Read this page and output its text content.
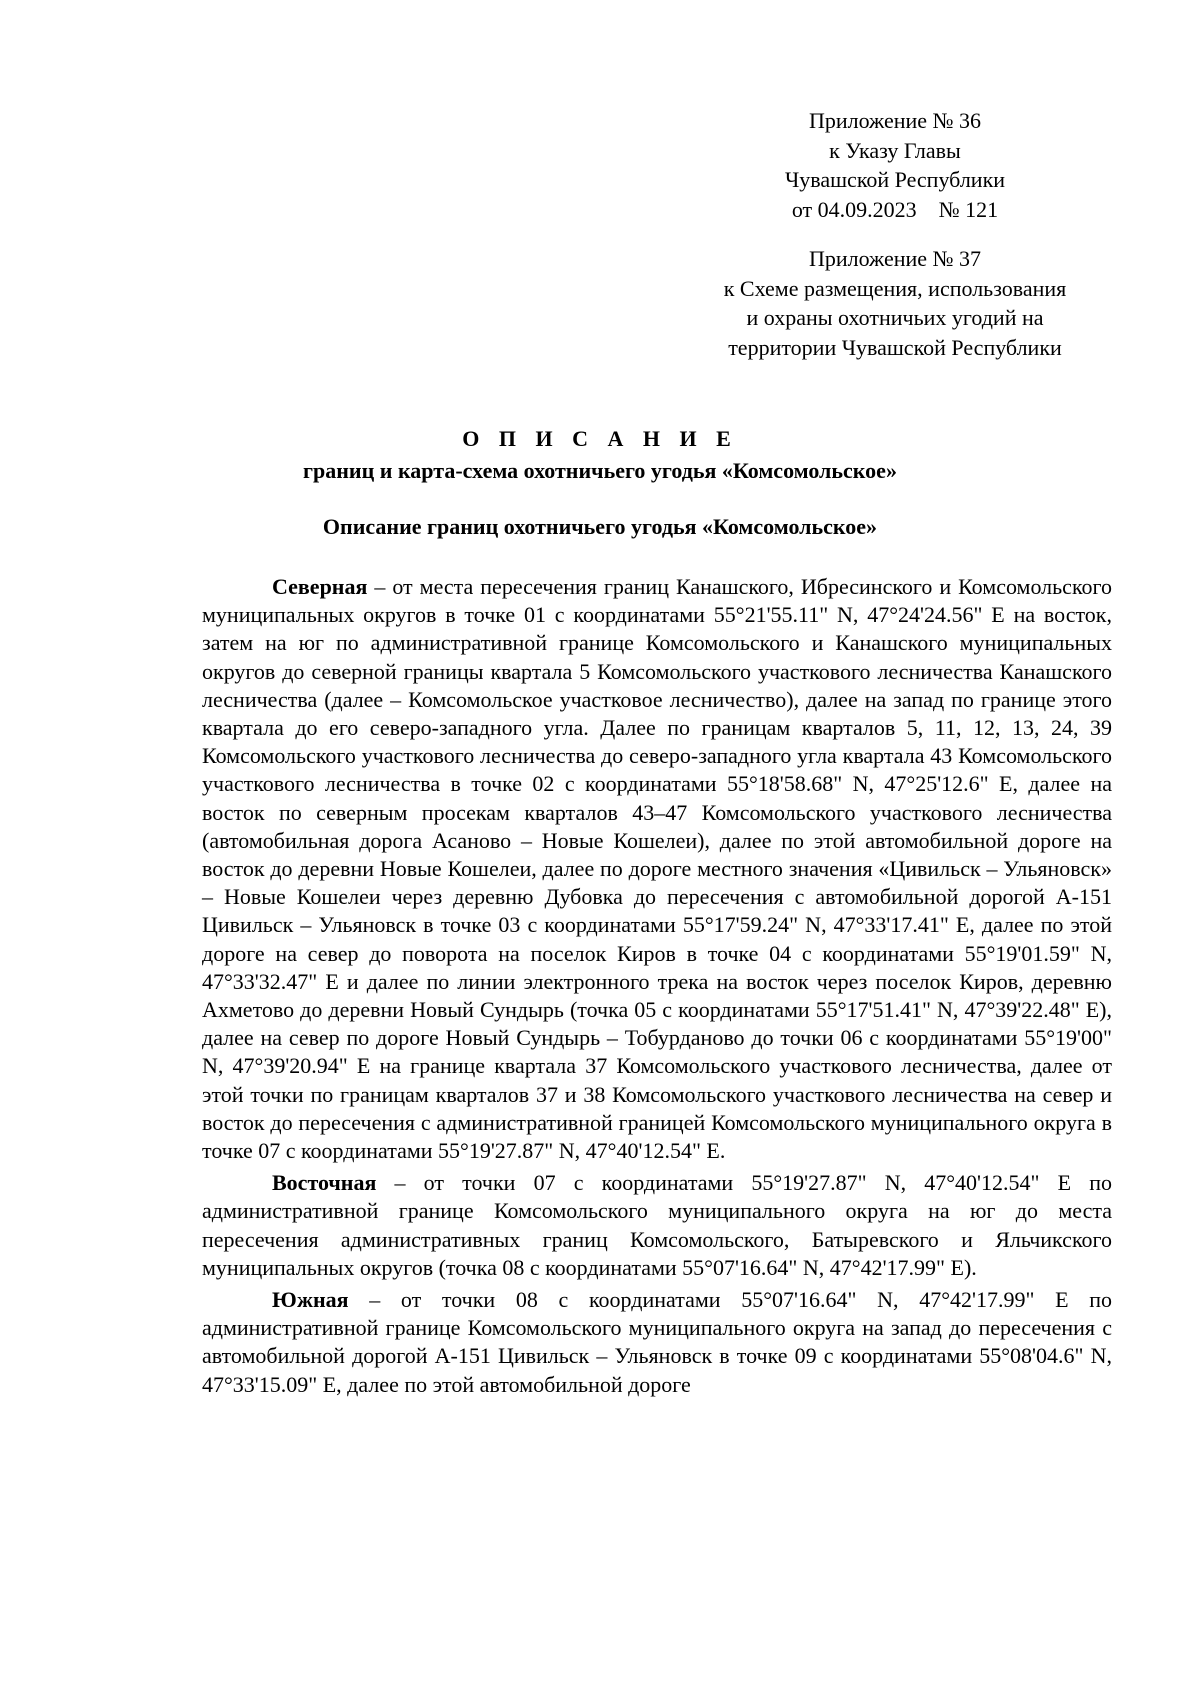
Приложение № 36
к Указу Главы
Чувашской Республики
от 04.09.2023    № 121
Приложение № 37
к Схеме размещения, использования
и охраны охотничьих угодий на
территории Чувашской Республики
О П И С А Н И Е
границ и карта-схема охотничьего угодья «Комсомольское»
Описание границ охотничьего угодья «Комсомольское»

Северная – от места пересечения границ Канашского, Ибресинского и Комсомольского муниципальных округов в точке 01 с координатами 55°21'55.11" N, 47°24'24.56" E на восток, затем на юг по административной границе Комсомольского и Канашского муниципальных округов до северной границы квартала 5 Комсомольского участкового лесничества Канашского лесничества (далее – Комсомольское участковое лесничество), далее на запад по границе этого квартала до его северо-западного угла. Далее по границам кварталов 5, 11, 12, 13, 24, 39 Комсомольского участкового лесничества до северо-западного угла квартала 43 Комсомольского участкового лесничества в точке 02 с координатами 55°18'58.68" N, 47°25'12.6" E, далее на восток по северным просекам кварталов 43–47 Комсомольского участкового лесничества (автомобильная дорога Асаново – Новые Кошелеи), далее по этой автомобильной дороге на восток до деревни Новые Кошелеи, далее по дороге местного значения «Цивильск – Ульяновск» – Новые Кошелеи через деревню Дубовка до пересечения с автомобильной дорогой А-151 Цивильск – Ульяновск в точке 03 с координатами 55°17'59.24" N, 47°33'17.41" E, далее по этой дороге на север до поворота на поселок Киров в точке 04 с координатами 55°19'01.59" N, 47°33'32.47" E и далее по линии электронного трека на восток через поселок Киров, деревню Ахметово до деревни Новый Сундырь (точка 05 с координатами 55°17'51.41" N, 47°39'22.48" E), далее на север по дороге Новый Сундырь – Тобурданово до точки 06 с координатами 55°19'00" N, 47°39'20.94" E на границе квартала 37 Комсомольского участкового лесничества, далее от этой точки по границам кварталов 37 и 38 Комсомольского участкового лесничества на север и восток до пересечения с административной границей Комсомольского муниципального округа в точке 07 с координатами 55°19'27.87" N, 47°40'12.54" E.

Восточная – от точки 07 с координатами 55°19'27.87" N, 47°40'12.54" E по административной границе Комсомольского муниципального округа на юг до места пересечения административных границ Комсомольского, Батыревского и Яльчикского муниципальных округов (точка 08 с координатами 55°07'16.64" N, 47°42'17.99" E).

Южная – от точки 08 с координатами 55°07'16.64" N, 47°42'17.99" E по административной границе Комсомольского муниципального округа на запад до пересечения с автомобильной дорогой А-151 Цивильск – Ульяновск в точке 09 с координатами 55°08'04.6" N, 47°33'15.09" E, далее по этой автомобильной дороге
